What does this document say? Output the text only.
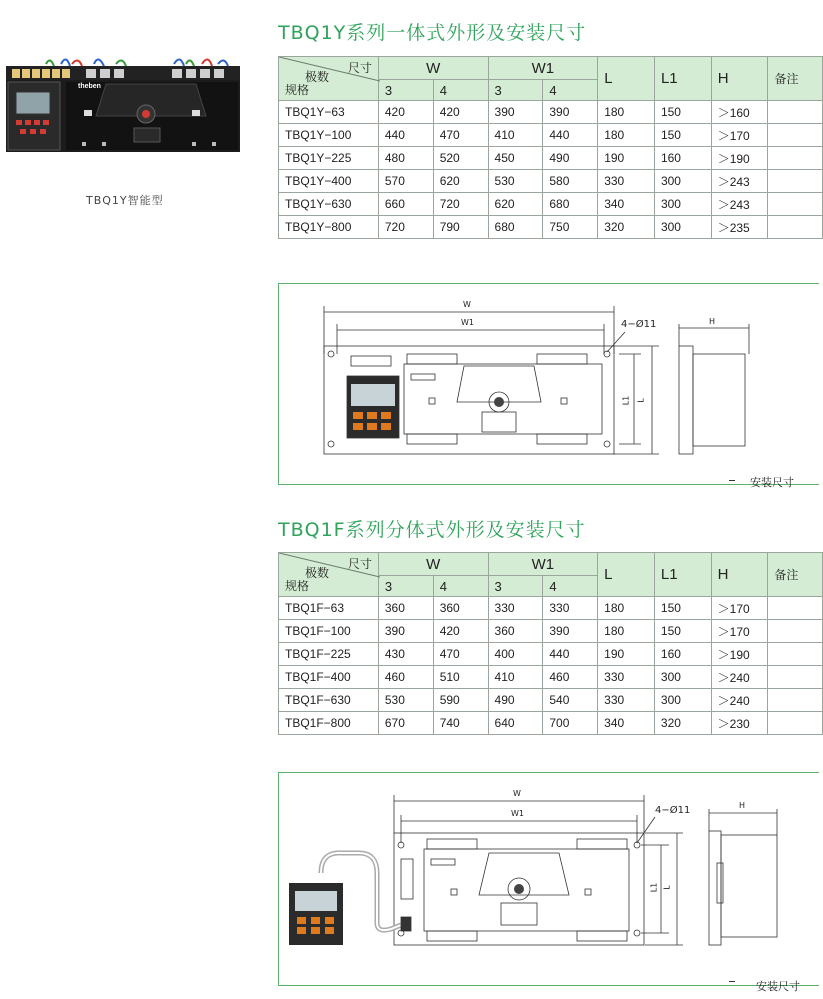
theben
TBQ1Y智能型
TBQ1Y系列一体式外形及安装尺寸
尺寸
极数
规格	W		W1		L	L1	H	备注
	3	4	3	4				
TBQ1Y−63	420	420	390	390	180	150	＞160	
TBQ1Y−100	440	470	410	440	180	150	＞170	
TBQ1Y−225	480	520	450	490	190	160	＞190	
TBQ1Y−400	570	620	530	580	330	300	＞243	
TBQ1Y−630	660	720	620	680	340	300	＞243	
TBQ1Y−800	720	790	680	750	320	300	＞235	
W
W1	4−Ø11	H
L1 L
安装尺寸
TBQ1F系列分体式外形及安装尺寸
尺寸
极数
规格	W		W1		L	L1	H	备注
	3	4	3	4				
TBQ1F−63	360	360	330	330	180	150	＞170	
TBQ1F−100	390	420	360	390	180	150	＞170	
TBQ1F−225	430	470	400	440	190	160	＞190	
TBQ1F−400	460	510	410	460	330	300	＞240	
TBQ1F−630	530	590	490	540	330	300	＞240	
TBQ1F−800	670	740	640	700	340	320	＞230	
W
W1	4−Ø11	H
L1 L
安装尺寸
